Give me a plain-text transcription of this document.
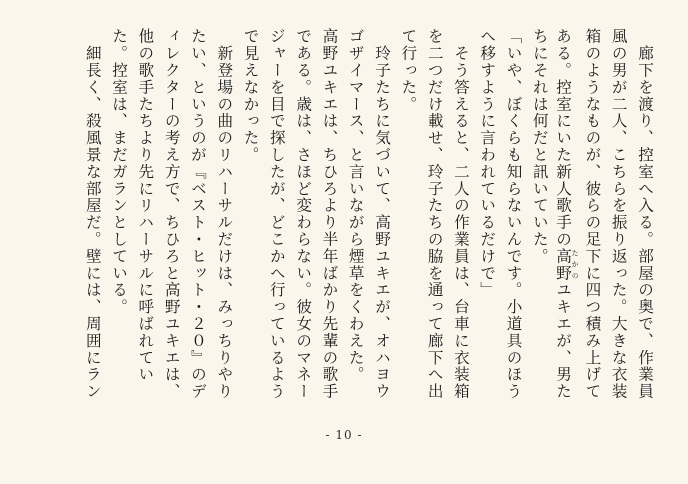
　廊下を渡り、控室へ入る。部屋の奥で、作業員
風の男が二人、こちらを振り返った。大きな衣装
箱のようなものが、彼らの足下に四つ積み上げて
ある。控室にいた新人歌手の高野 たかのユキエが、男た
ちにそれは何だと訊いていた。
「いや、ぼくらも知らないんです。小道具のほう
へ移すように言われているだけで」
　そう答えると、二人の作業員は、台車に衣装箱
を二つだけ載せ、玲子たちの脇を通って廊下へ出
て行った。
　玲子たちに気づいて、高野ユキエが、オハヨウ
ゴザイマース、と言いながら煙草をくわえた。
高野ユキエは、ちひろより半年ばかり先輩の歌手
である。歳は、さほど変わらない。彼女のマネー
ジャーを目で探したが、どこかへ行っているよう
で見えなかった。
　新登場の曲のリハーサルだけは、みっちりやり
たい、というのが『ベスト・ヒット・２０』のデ
ィレクターの考え方で、ちひろと高野ユキエは、
他の歌手たちより先にリハーサルに呼ばれてい
た。控室は、まだガランとしている。
　細長く、殺風景な部屋だ。壁には、周囲にラン
- 10 -
